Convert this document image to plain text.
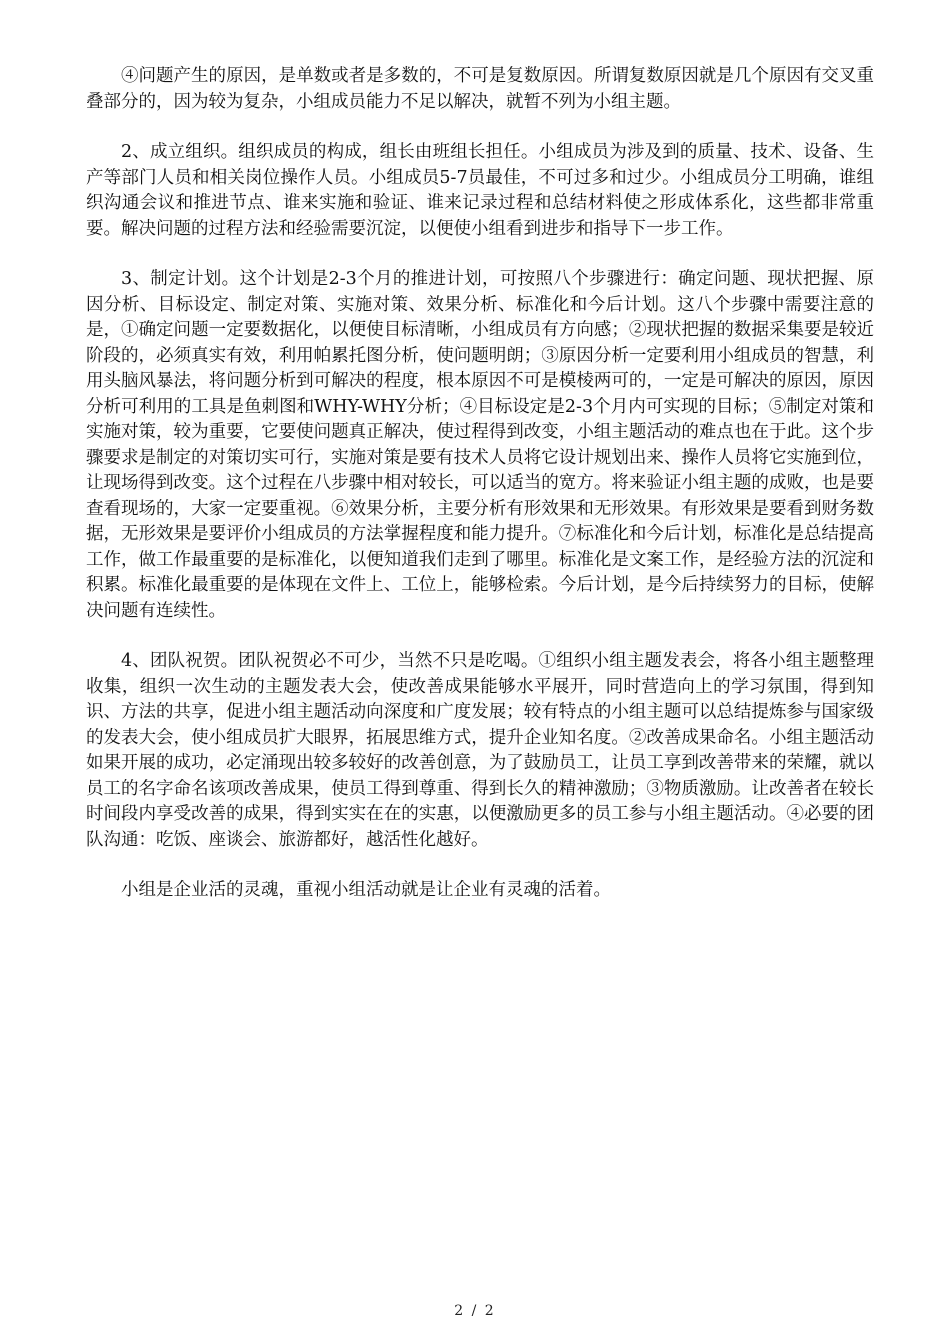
④问题产生的原因，是单数或者是多数的，不可是复数原因。所谓复数原因就是几个原因有交叉重叠部分的，因为较为复杂，小组成员能力不足以解决，就暂不列为小组主题。

2、成立组织。组织成员的构成，组长由班组长担任。小组成员为涉及到的质量、技术、设备、生产等部门人员和相关岗位操作人员。小组成员5-7员最佳，不可过多和过少。小组成员分工明确，谁组织沟通会议和推进节点、谁来实施和验证、谁来记录过程和总结材料使之形成体系化，这些都非常重要。解决问题的过程方法和经验需要沉淀，以便使小组看到进步和指导下一步工作。

3、制定计划。这个计划是2-3个月的推进计划，可按照八个步骤进行：确定问题、现状把握、原因分析、目标设定、制定对策、实施对策、效果分析、标准化和今后计划。这八个步骤中需要注意的是，①确定问题一定要数据化，以便使目标清晰，小组成员有方向感；②现状把握的数据采集要是较近阶段的，必须真实有效，利用帕累托图分析，使问题明朗；③原因分析一定要利用小组成员的智慧，利用头脑风暴法，将问题分析到可解决的程度，根本原因不可是模棱两可的，一定是可解决的原因，原因分析可利用的工具是鱼刺图和WHY-WHY分析；④目标设定是2-3个月内可实现的目标；⑤制定对策和实施对策，较为重要，它要使问题真正解决，使过程得到改变，小组主题活动的难点也在于此。这个步骤要求是制定的对策切实可行，实施对策是要有技术人员将它设计规划出来、操作人员将它实施到位，让现场得到改变。这个过程在八步骤中相对较长，可以适当的宽方。将来验证小组主题的成败，也是要查看现场的，大家一定要重视。⑥效果分析，主要分析有形效果和无形效果。有形效果是要看到财务数据，无形效果是要评价小组成员的方法掌握程度和能力提升。⑦标准化和今后计划，标准化是总结提高工作，做工作最重要的是标准化，以便知道我们走到了哪里。标准化是文案工作，是经验方法的沉淀和积累。标准化最重要的是体现在文件上、工位上，能够检索。今后计划，是今后持续努力的目标，使解决问题有连续性。

4、团队祝贺。团队祝贺必不可少，当然不只是吃喝。①组织小组主题发表会，将各小组主题整理收集，组织一次生动的主题发表大会，使改善成果能够水平展开，同时营造向上的学习氛围，得到知识、方法的共享，促进小组主题活动向深度和广度发展；较有特点的小组主题可以总结提炼参与国家级的发表大会，使小组成员扩大眼界，拓展思维方式，提升企业知名度。②改善成果命名。小组主题活动如果开展的成功，必定涌现出较多较好的改善创意，为了鼓励员工，让员工享到改善带来的荣耀，就以员工的名字命名该项改善成果，使员工得到尊重、得到长久的精神激励；③物质激励。让改善者在较长时间段内享受改善的成果，得到实实在在的实惠，以便激励更多的员工参与小组主题活动。④必要的团队沟通：吃饭、座谈会、旅游都好，越活性化越好。

小组是企业活的灵魂，重视小组活动就是让企业有灵魂的活着。

2 / 2
